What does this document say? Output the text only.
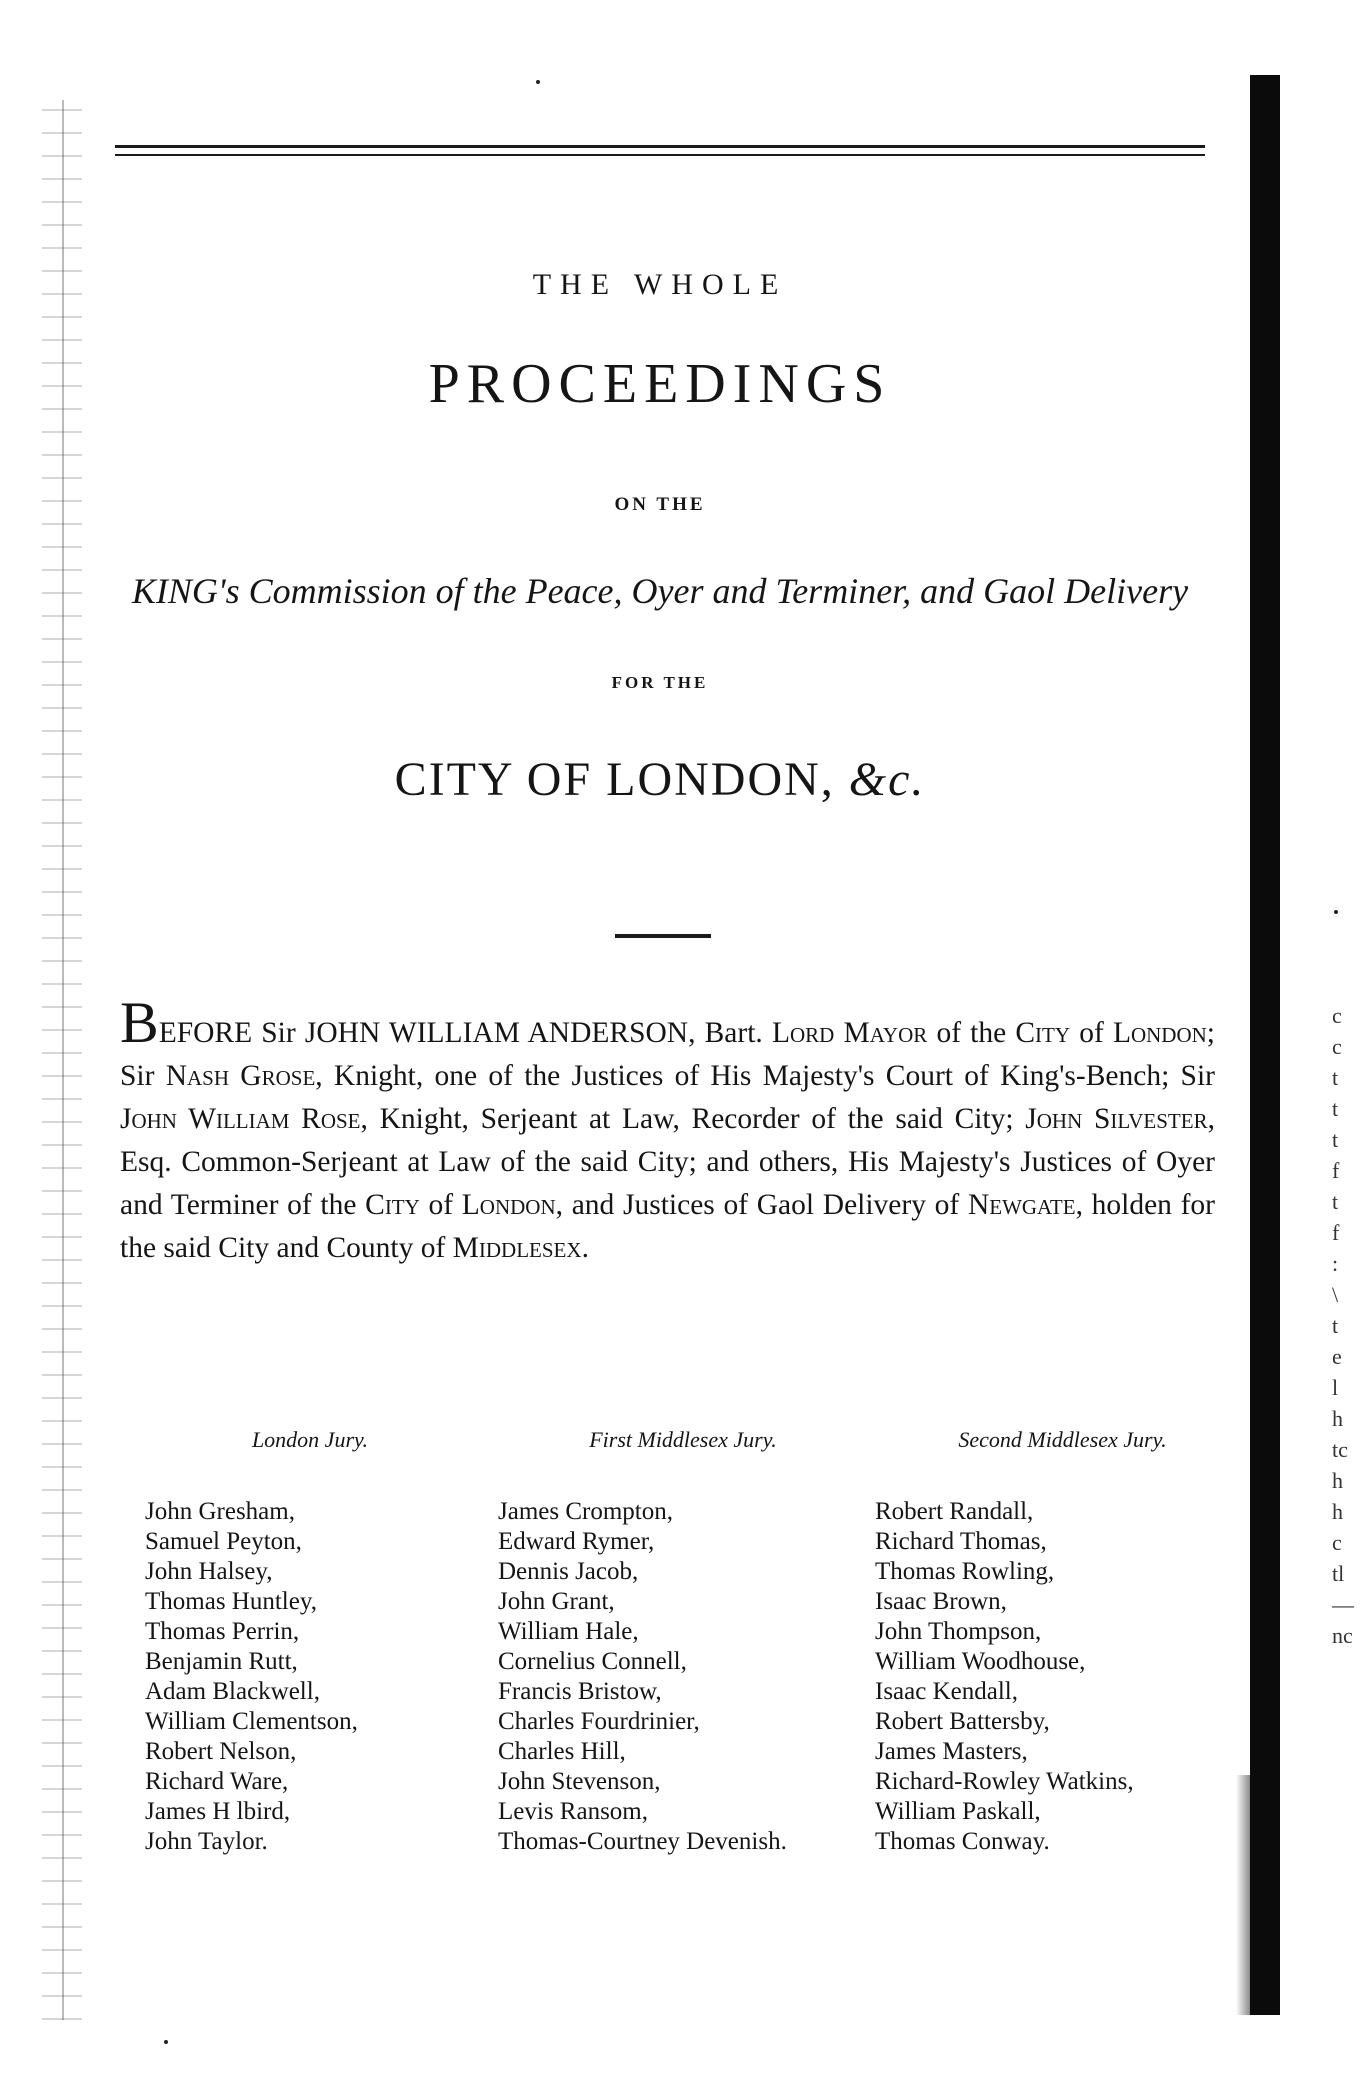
THE WHOLE
PROCEEDINGS
ON THE
KING's Commission of the Peace, Oyer and Terminer, and Gaol Delivery
FOR THE
CITY OF LONDON, &c.
BEFORE Sir JOHN WILLIAM ANDERSON, Bart. Lord Mayor of the City of London; Sir Nash Grose, Knight, one of the Justices of His Majesty's Court of King's-Bench; Sir John William Rose, Knight, Serjeant at Law, Recorder of the said City; John Silvester, Esq. Common-Serjeant at Law of the said City; and others, His Majesty's Justices of Oyer and Terminer of the City of London, and Justices of Gaol Delivery of Newgate, holden for the said City and County of Middlesex.
London Jury.
John Gresham,
Samuel Peyton,
John Halsey,
Thomas Huntley,
Thomas Perrin,
Benjamin Rutt,
Adam Blackwell,
William Clementson,
Robert Nelson,
Richard Ware,
James H lbird,
John Taylor.
First Middlesex Jury.
James Crompton,
Edward Rymer,
Dennis Jacob,
John Grant,
William Hale,
Cornelius Connell,
Francis Bristow,
Charles Fourdrinier,
Charles Hill,
John Stevenson,
Levis Ransom,
Thomas-Courtney Devenish.
Second Middlesex Jury.
Robert Randall,
Richard Thomas,
Thomas Rowling,
Isaac Brown,
John Thompson,
William Woodhouse,
Isaac Kendall,
Robert Battersby,
James Masters,
Richard-Rowley Watkins,
William Paskall,
Thomas Conway.
c
c
t
t
t
f
t
f
:
\
t
e
l
h
tc
h
h
c
tl
—
nc
